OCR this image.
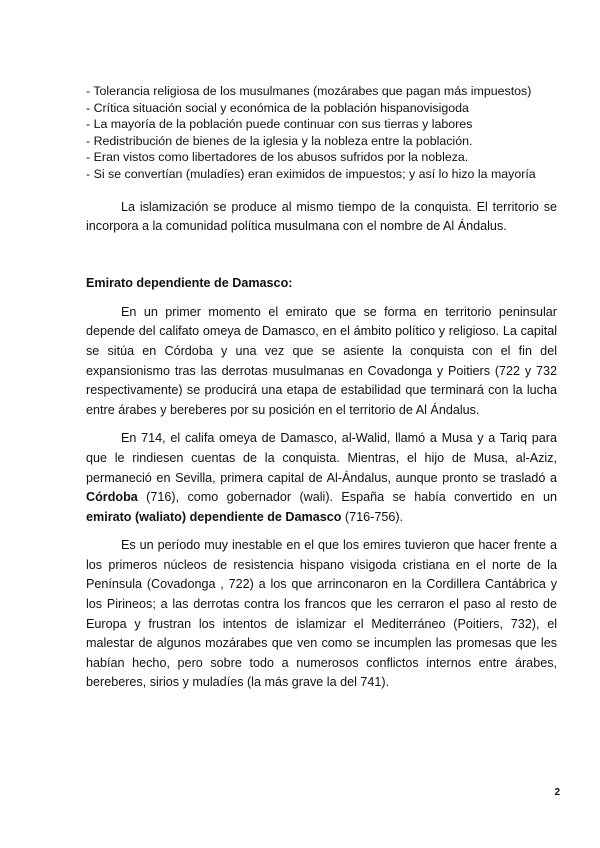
- Tolerancia religiosa de los musulmanes (mozárabes que pagan más impuestos)
- Crítica situación social y económica de la población hispanovisigoda
- La mayoría de la población puede continuar con sus tierras y labores
- Redistribución de bienes de la iglesia y la nobleza entre la población.
- Eran vistos como libertadores de los abusos sufridos por la nobleza.
- Si se convertían (muladíes) eran eximidos de impuestos; y así lo hizo la mayoría

La islamización se produce al mismo tiempo de la conquista. El territorio se incorpora a la comunidad política musulmana con el nombre de Al Ándalus.

Emirato dependiente de Damasco:

En un primer momento el emirato que se forma en territorio peninsular depende del califato omeya de Damasco, en el ámbito político y religioso. La capital se sitúa en Córdoba y una vez que se asiente la conquista con el fin del expansionismo tras las derrotas musulmanas en Covadonga y Poitiers (722 y 732 respectivamente) se producirá una etapa de estabilidad que terminará con la lucha entre árabes y bereberes por su posición en el territorio de Al Ándalus.

En 714, el califa omeya de Damasco, al-Walid, llamó a Musa y a Tariq para que le rindiesen cuentas de la conquista. Mientras, el hijo de Musa, al-Aziz, permaneció en Sevilla, primera capital de Al-Ándalus, aunque pronto se trasladó a Córdoba (716), como gobernador (wali). España se había convertido en un emirato (waliato) dependiente de Damasco (716-756).

Es un período muy inestable en el que los emires tuvieron que hacer frente a los primeros núcleos de resistencia hispano visigoda cristiana en el norte de la Península (Covadonga , 722) a los que arrinconaron en la Cordillera Cantábrica y los Pirineos; a las derrotas contra los francos que les cerraron el paso al resto de Europa y frustran los intentos de islamizar el Mediterráneo (Poitiers, 732), el malestar de algunos mozárabes que ven como se incumplen las promesas que les habían hecho, pero sobre todo a numerosos conflictos internos entre árabes, bereberes, sirios y muladíes (la más grave la del 741).

2
